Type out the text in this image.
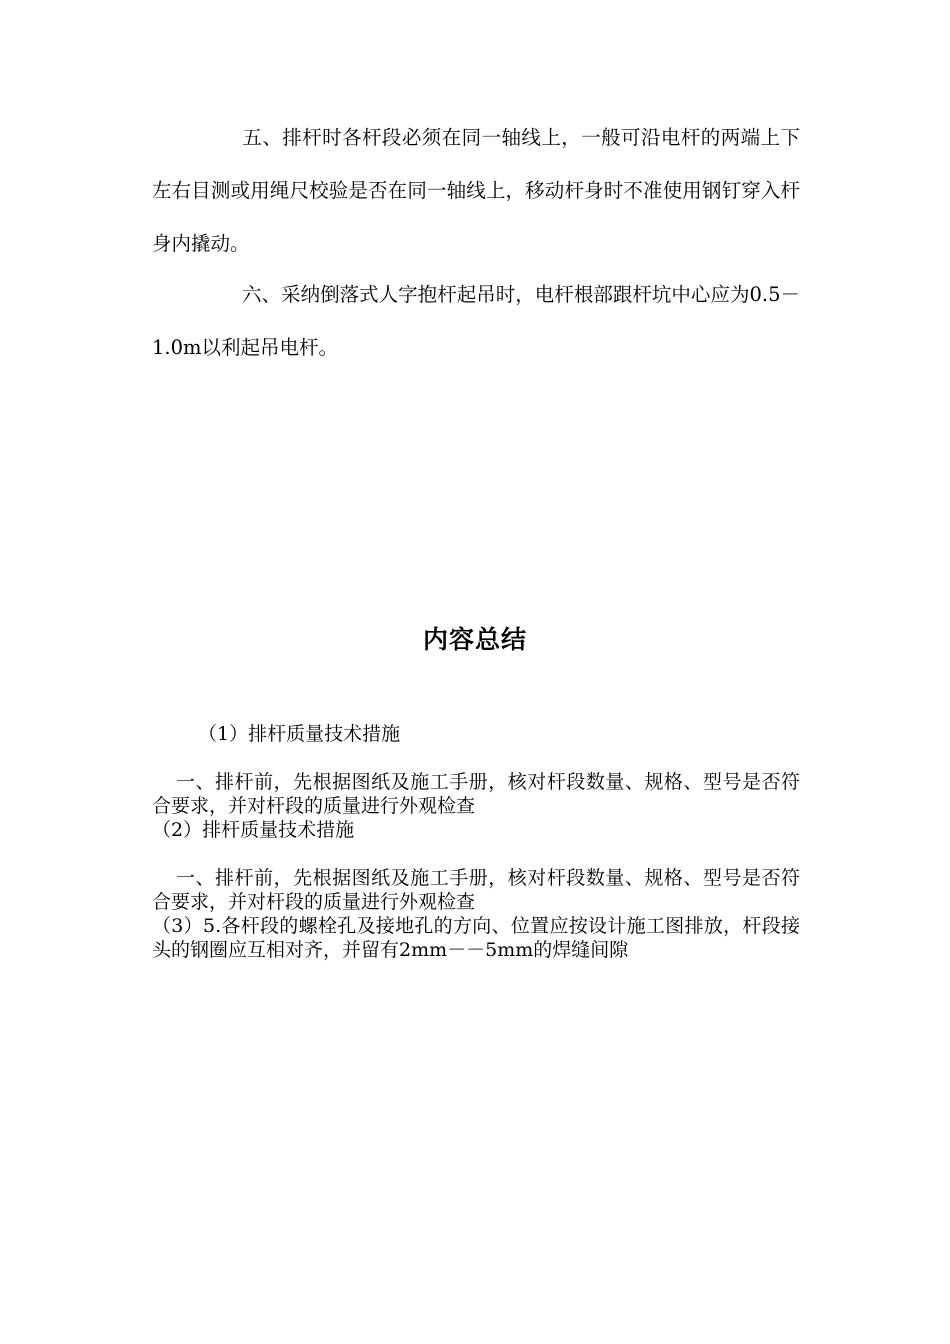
五、排杆时各杆段必须在同一轴线上，一般可沿电杆的两端上下左右目测或用绳尺校验是否在同一轴线上，移动杆身时不准使用钢钉穿入杆身内撬动。

六、采纳倒落式人字抱杆起吊时，电杆根部跟杆坑中心应为0.5－1.0m以利起吊电杆。

内容总结

（1）排杆质量技术措施

一、排杆前，先根据图纸及施工手册，核对杆段数量、规格、型号是否符合要求，并对杆段的质量进行外观检查

（2）排杆质量技术措施

一、排杆前，先根据图纸及施工手册，核对杆段数量、规格、型号是否符合要求，并对杆段的质量进行外观检查

（3）5.各杆段的螺栓孔及接地孔的方向、位置应按设计施工图排放，杆段接头的钢圈应互相对齐，并留有2mm－－5mm的焊缝间隙
